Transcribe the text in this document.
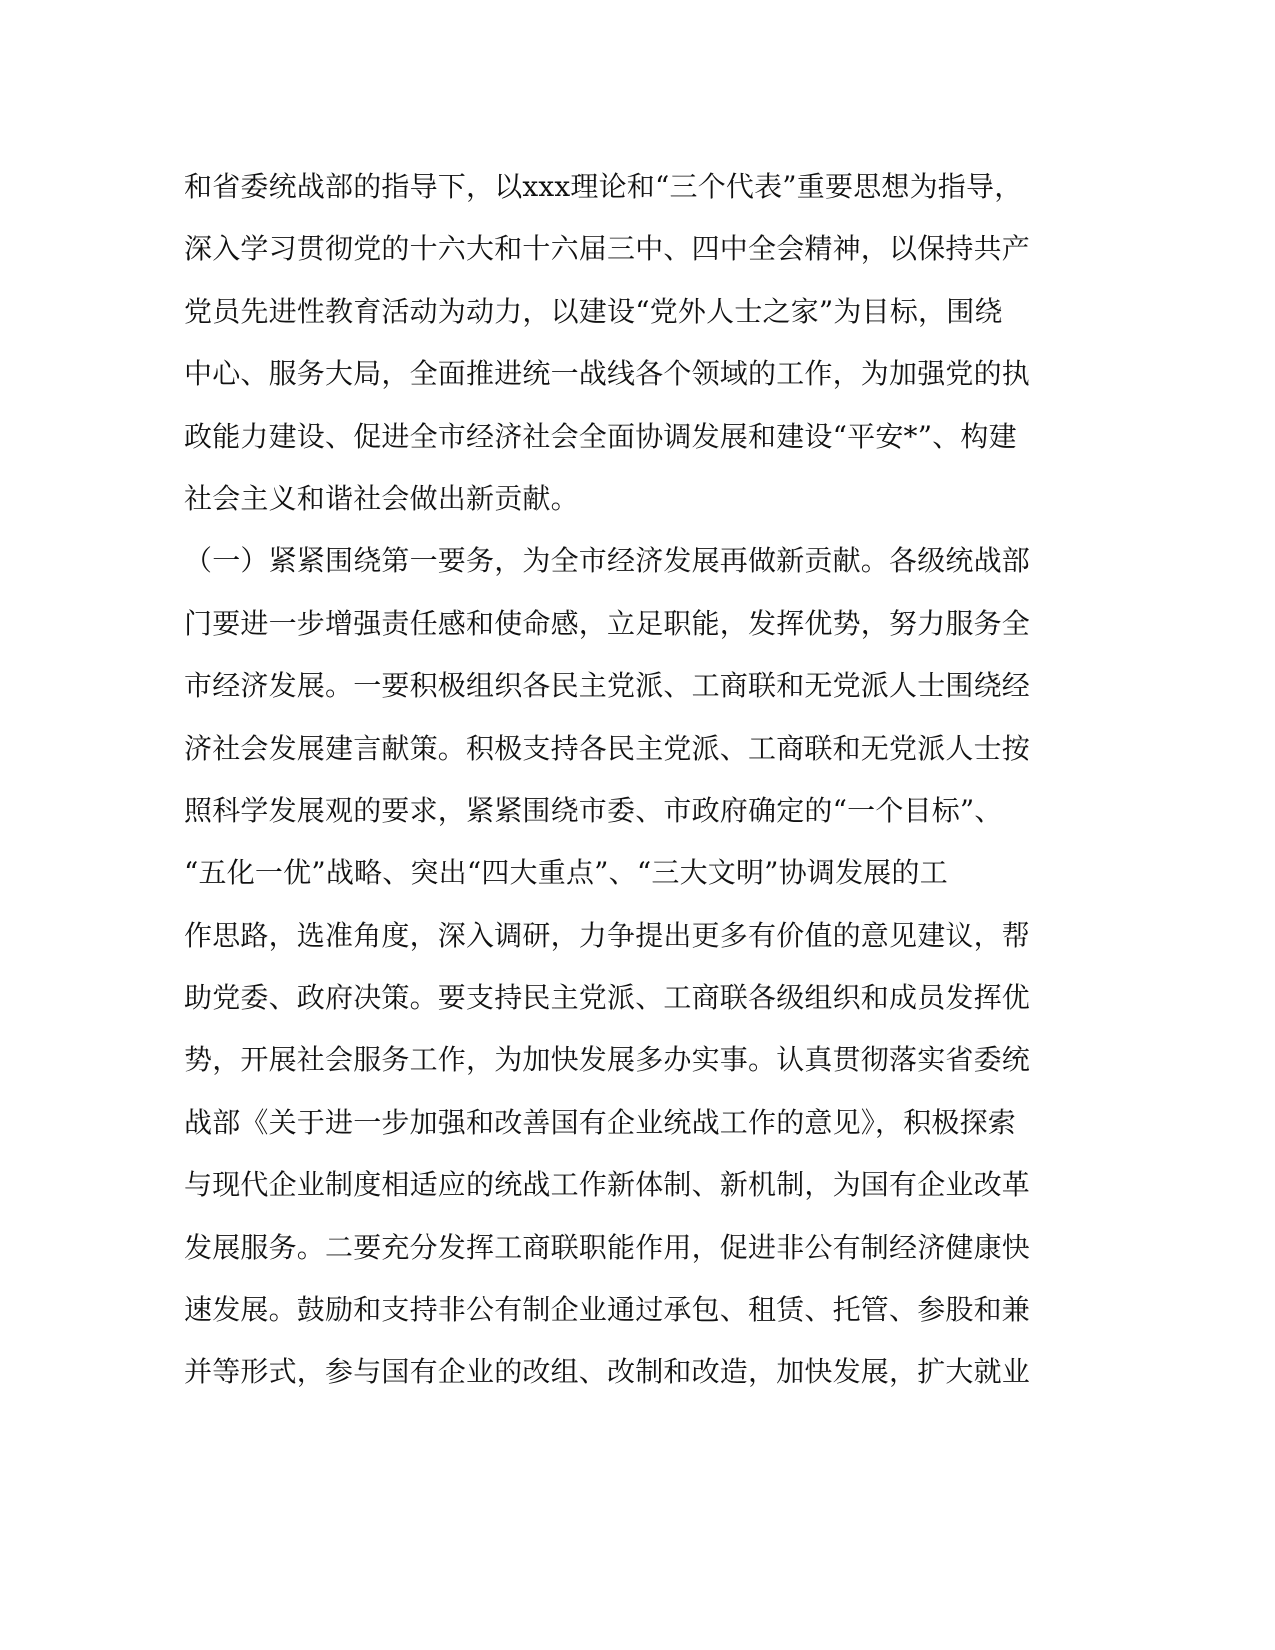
和省委统战部的指导下，以xxx理论和“三个代表”重要思想为指导，
深入学习贯彻党的十六大和十六届三中、四中全会精神，以保持共产
党员先进性教育活动为动力，以建设“党外人士之家”为目标，围绕
中心、服务大局，全面推进统一战线各个领域的工作，为加强党的执
政能力建设、促进全市经济社会全面协调发展和建设“平安*”、构建
社会主义和谐社会做出新贡献。
（一）紧紧围绕第一要务，为全市经济发展再做新贡献。各级统战部
门要进一步增强责任感和使命感，立足职能，发挥优势，努力服务全
市经济发展。一要积极组织各民主党派、工商联和无党派人士围绕经
济社会发展建言献策。积极支持各民主党派、工商联和无党派人士按
照科学发展观的要求，紧紧围绕市委、市政府确定的“一个目标”、
“五化一优”战略、突出“四大重点”、“三大文明”协调发展的工
作思路，选准角度，深入调研，力争提出更多有价值的意见建议，帮
助党委、政府决策。要支持民主党派、工商联各级组织和成员发挥优
势，开展社会服务工作，为加快发展多办实事。认真贯彻落实省委统
战部《关于进一步加强和改善国有企业统战工作的意见》，积极探索
与现代企业制度相适应的统战工作新体制、新机制，为国有企业改革
发展服务。二要充分发挥工商联职能作用，促进非公有制经济健康快
速发展。鼓励和支持非公有制企业通过承包、租赁、托管、参股和兼
并等形式，参与国有企业的改组、改制和改造，加快发展，扩大就业
